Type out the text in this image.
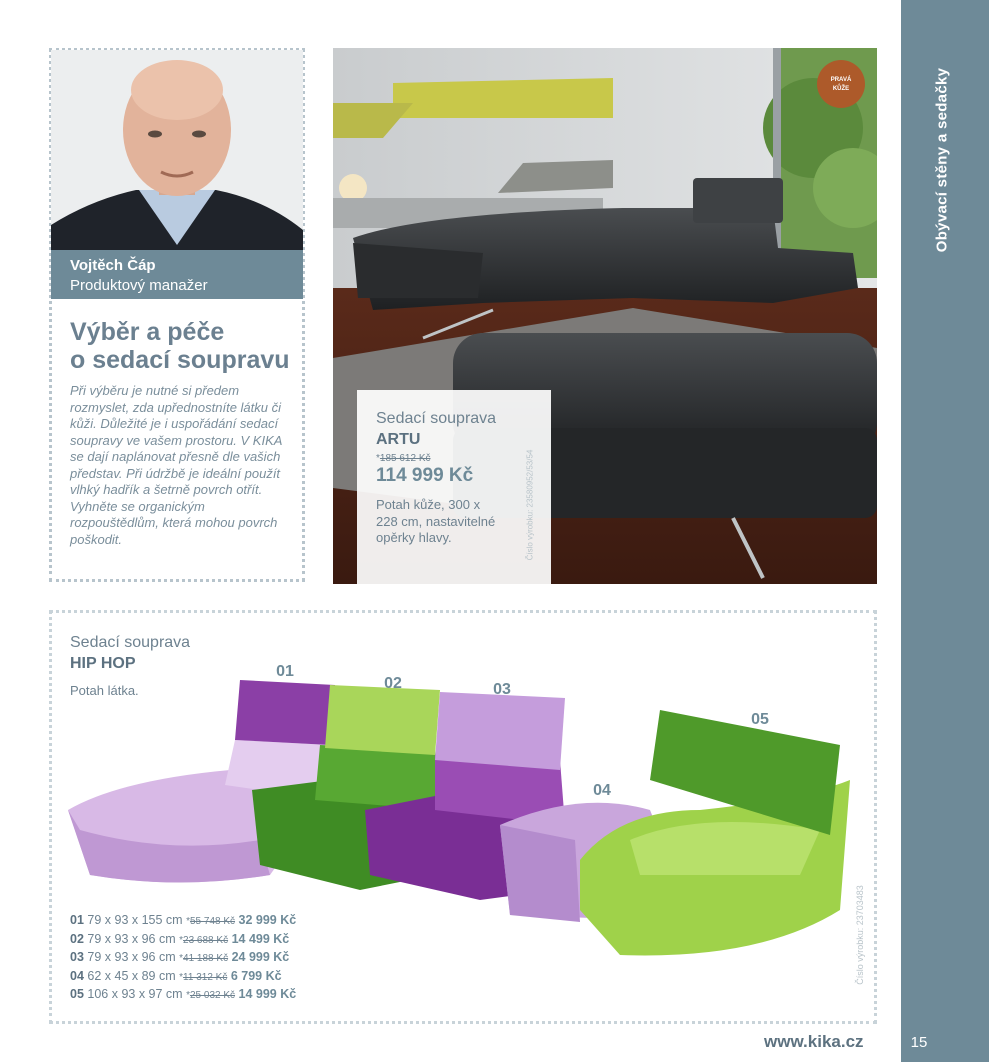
Obývací stěny a sedačky
15
www.kika.cz
Vojtěch Čáp
Produktový manažer
Výběr a péče
o sedací soupravu
Při výběru je nutné si předem rozmyslet, zda upřednostníte látku či kůži. Důležité je i uspořádání sedací soupravy ve vašem prostoru. V KIKA se dají naplánovat přesně dle vašich představ. Při údržbě je ideální použít vlhký hadřík a šetrně povrch otřít. Vyhněte se organickým rozpouštědlům, která mohou povrch poškodit.
PRAVÁ
KŮŽE
Sedací souprava
ARTU
*185 612 Kč
114 999 Kč
Potah kůže, 300 x 228 cm, nastavitelné opěrky hlavy.	Číslo výrobku: 23580952/53/54
Sedací souprava
HIP HOP
Potah látka.
01
02	03
04
05
01 79 x 93 x 155 cm *55 748 Kč 32 999 Kč
02 79 x 93 x 96 cm *23 688 Kč 14 499 Kč
03 79 x 93 x 96 cm *41 188 Kč 24 999 Kč
04 62 x 45 x 89 cm *11 312 Kč 6 799 Kč
05 106 x 93 x 97 cm *25 032 Kč 14 999 Kč
Číslo výrobku: 23703483
